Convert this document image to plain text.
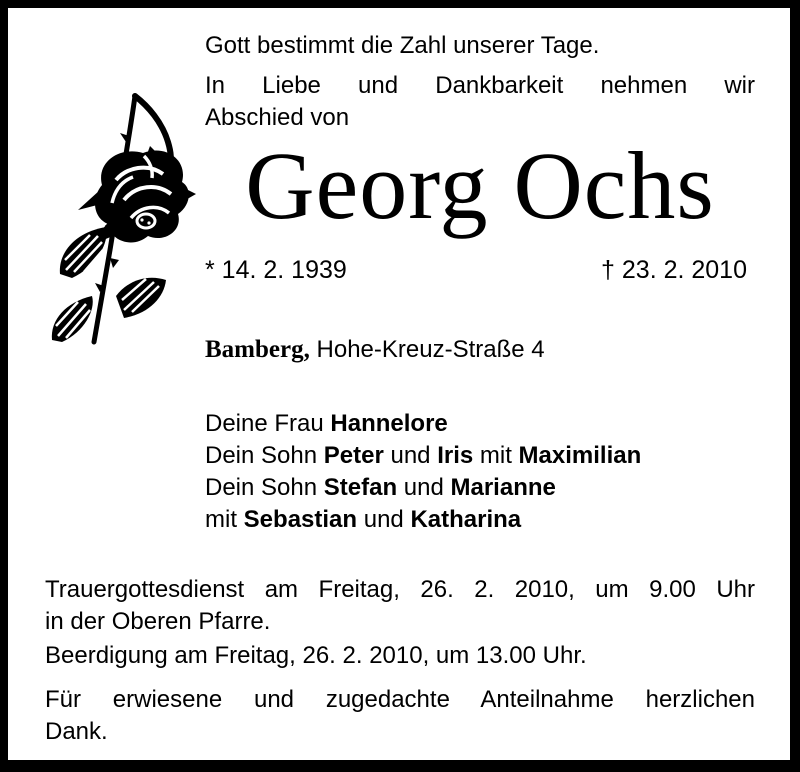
Gott bestimmt die Zahl unserer Tage.
In Liebe und Dankbarkeit nehmen wir
Abschied von
Georg Ochs
* 14. 2. 1939	† 23. 2. 2010
Bamberg, Hohe-Kreuz-Straße 4
Deine Frau Hannelore
Dein Sohn Peter und Iris mit Maximilian
Dein Sohn Stefan und Marianne
mit Sebastian und Katharina
Trauergottesdienst am Freitag, 26. 2. 2010, um 9.00 Uhr
in der Oberen Pfarre.
Beerdigung am Freitag, 26. 2. 2010, um 13.00 Uhr.
Für erwiesene und zugedachte Anteilnahme herzlichen
Dank.
